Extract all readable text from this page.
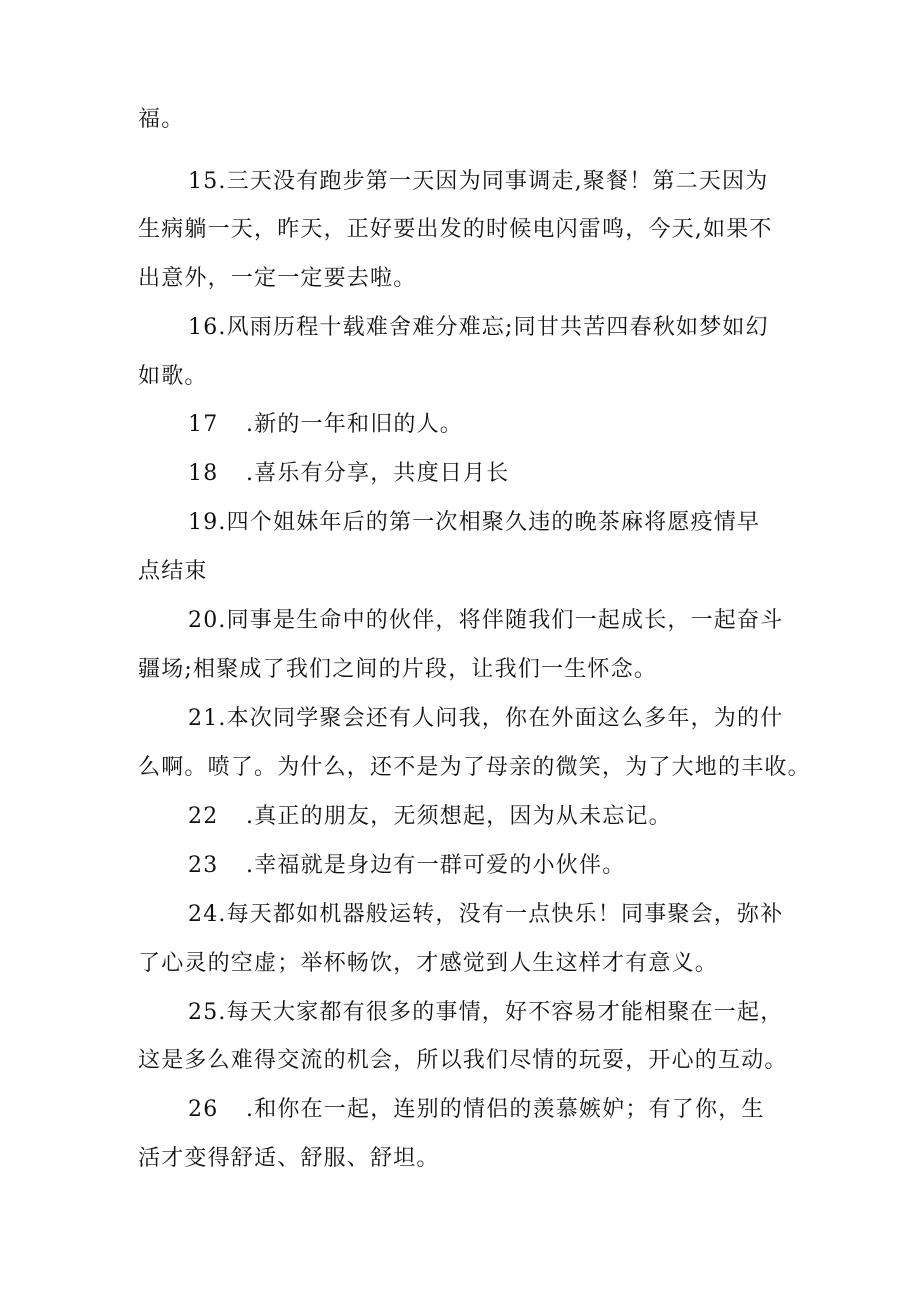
福。
15.三天没有跑步第一天因为同事调走,聚餐！第二天因为
生病躺一天，昨天，正好要出发的时候电闪雷鸣，今天,如果不
出意外，一定一定要去啦。
16.风雨历程十载难舍难分难忘;同甘共苦四春秋如梦如幻
如歌。
17 .新的一年和旧的人。
18 .喜乐有分享，共度日月长
19.四个姐妹年后的第一次相聚久违的晚茶麻将愿疫情早
点结束
20.同事是生命中的伙伴，将伴随我们一起成长，一起奋斗
疆场;相聚成了我们之间的片段，让我们一生怀念。
21.本次同学聚会还有人问我，你在外面这么多年，为的什
么啊。喷了。为什么，还不是为了母亲的微笑，为了大地的丰收。
22 .真正的朋友，无须想起，因为从未忘记。
23 .幸福就是身边有一群可爱的小伙伴。
24.每天都如机器般运转，没有一点快乐！同事聚会，弥补
了心灵的空虚；举杯畅饮，才感觉到人生这样才有意义。
25.每天大家都有很多的事情，好不容易才能相聚在一起，
这是多么难得交流的机会，所以我们尽情的玩耍，开心的互动。
26 .和你在一起，连别的情侣的羡慕嫉妒；有了你，生
活才变得舒适、舒服、舒坦。
